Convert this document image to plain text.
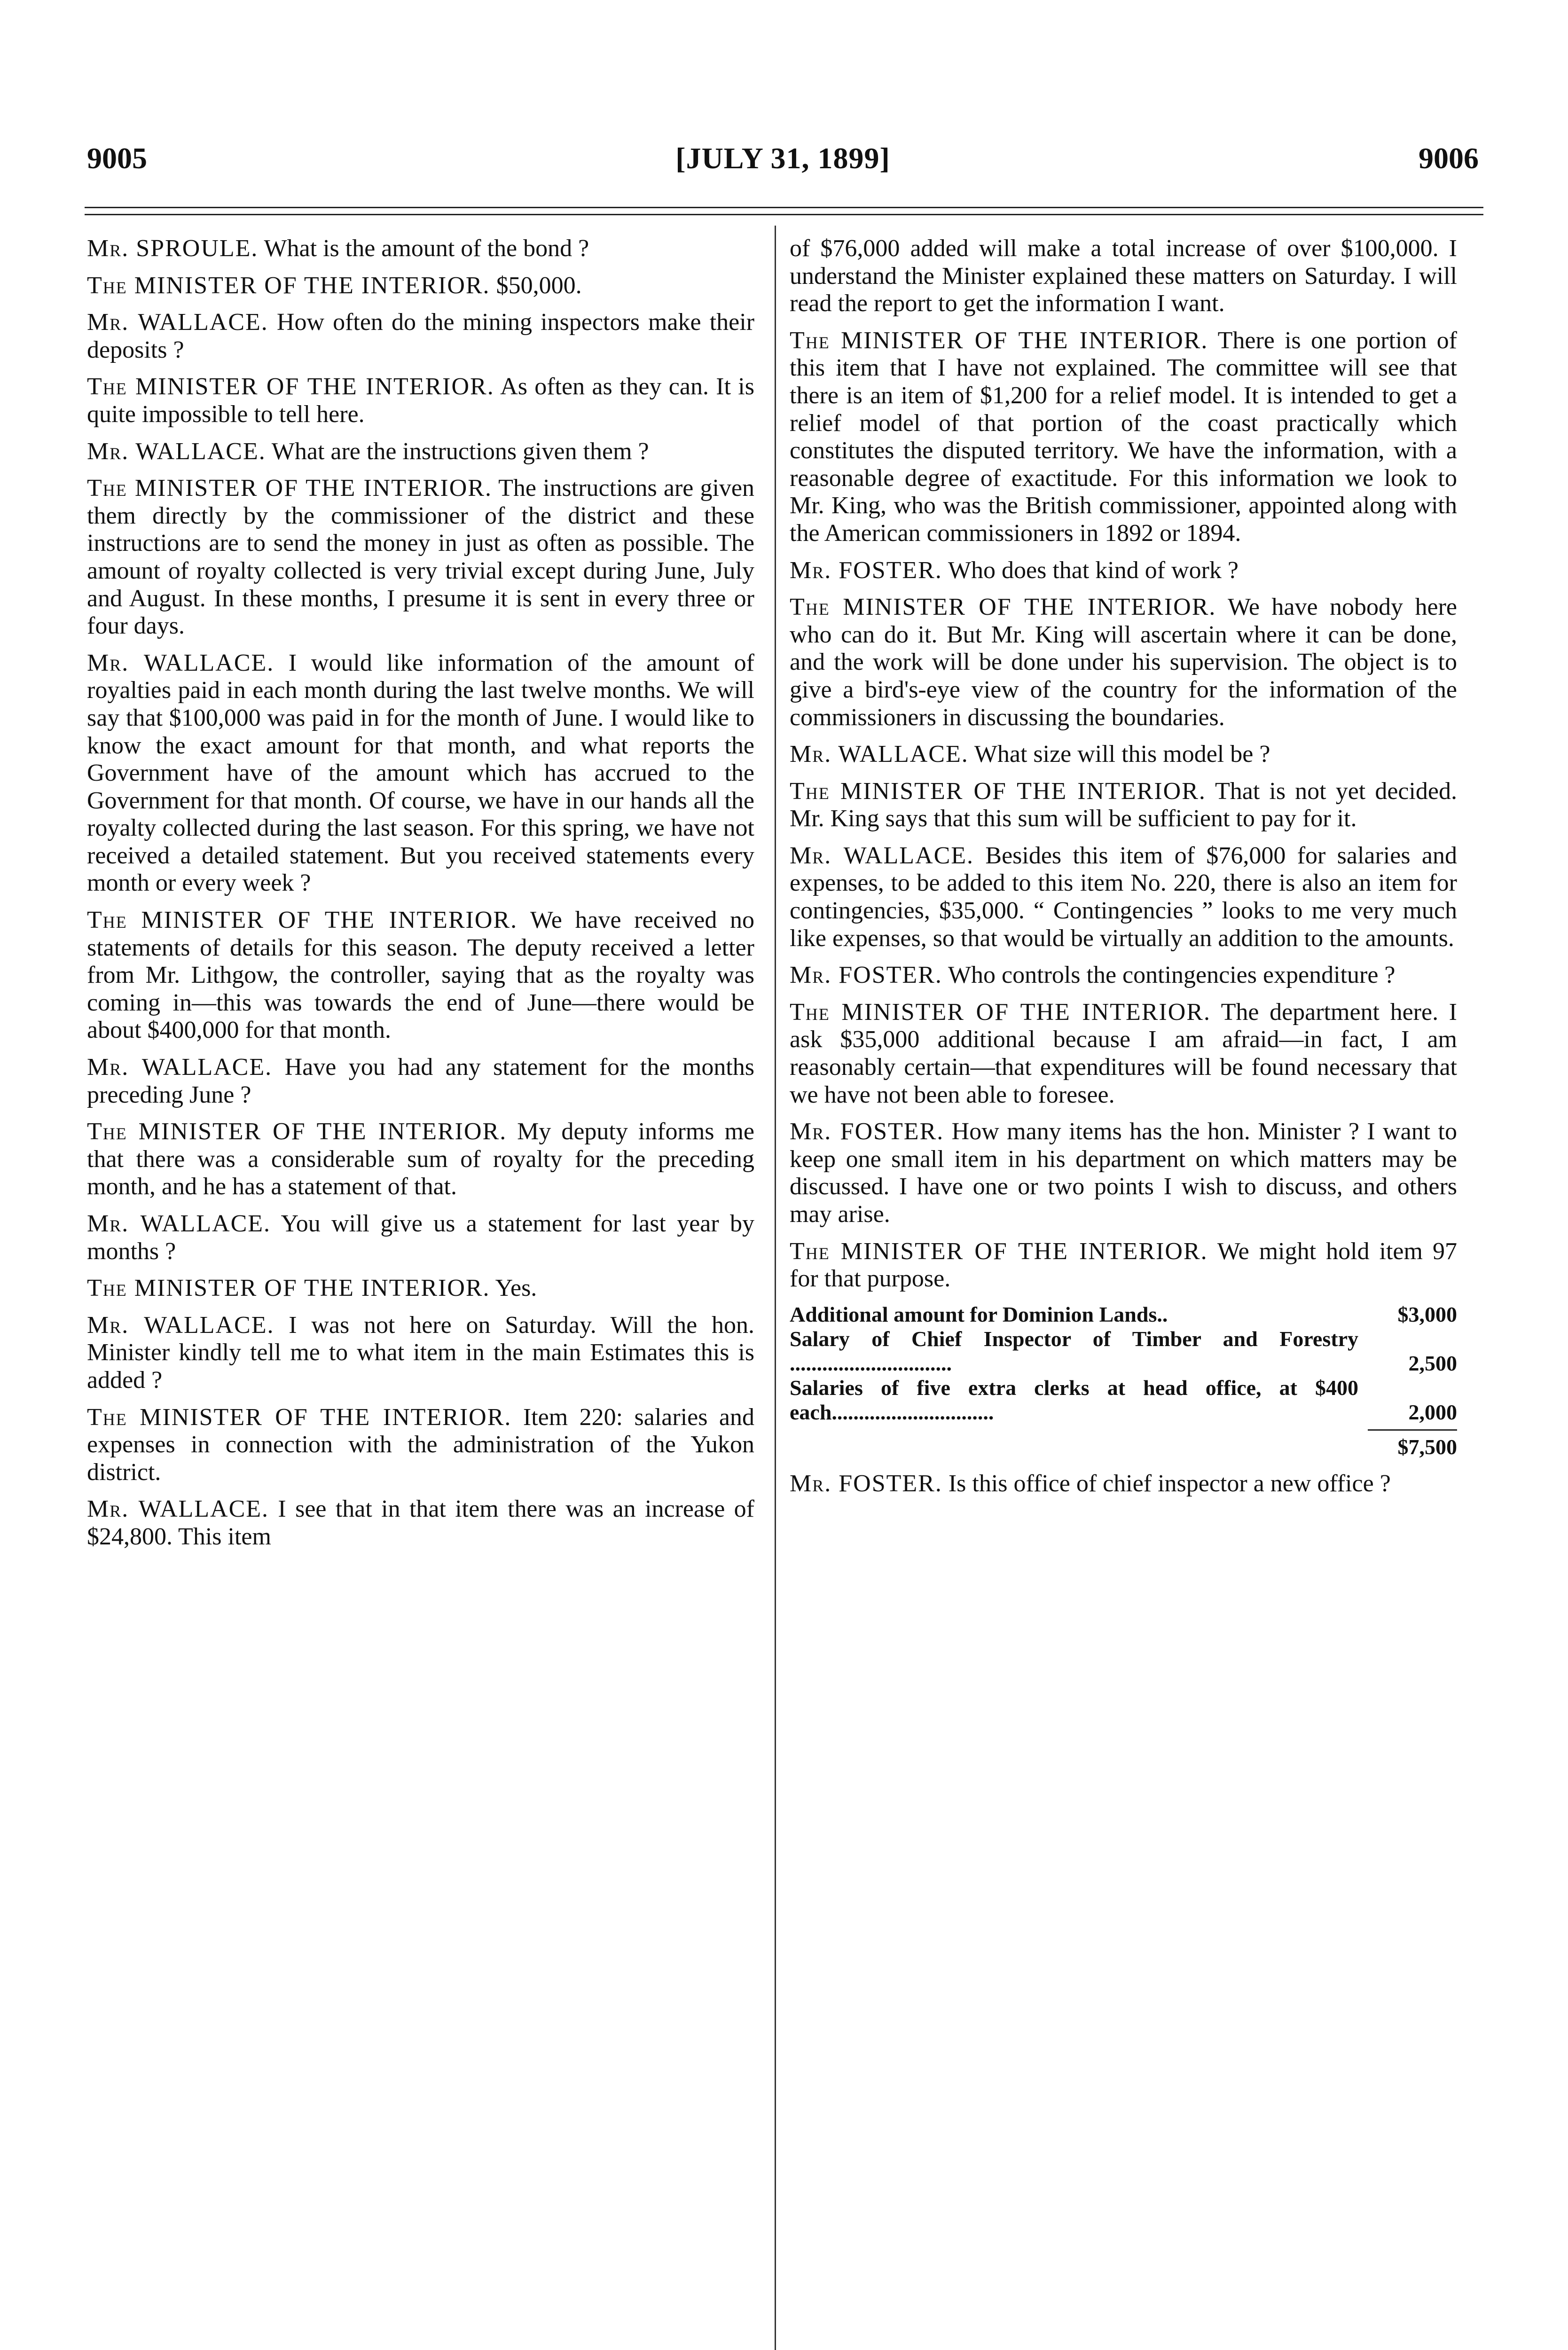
9005	[JULY 31, 1899]	9006

Mr. SPROULE. What is the amount of the bond ?

The MINISTER OF THE INTERIOR. $50,000.

Mr. WALLACE. How often do the mining inspectors make their deposits ?

The MINISTER OF THE INTERIOR. As often as they can. It is quite impossible to tell here.

Mr. WALLACE. What are the instructions given them ?

The MINISTER OF THE INTERIOR. The instructions are given them directly by the commissioner of the district and these instructions are to send the money in just as often as possible. The amount of royalty collected is very trivial except during June, July and August. In these months, I presume it is sent in every three or four days.

Mr. WALLACE. I would like information of the amount of royalties paid in each month during the last twelve months. We will say that $100,000 was paid in for the month of June. I would like to know the exact amount for that month, and what reports the Government have of the amount which has accrued to the Government for that month. Of course, we have in our hands all the royalty collected during the last season. For this spring, we have not received a detailed statement. But you received statements every month or every week ?

The MINISTER OF THE INTERIOR. We have received no statements of details for this season. The deputy received a letter from Mr. Lithgow, the controller, saying that as the royalty was coming in—this was towards the end of June—there would be about $400,000 for that month.

Mr. WALLACE. Have you had any statement for the months preceding June ?

The MINISTER OF THE INTERIOR. My deputy informs me that there was a considerable sum of royalty for the preceding month, and he has a statement of that.

Mr. WALLACE. You will give us a statement for last year by months ?

The MINISTER OF THE INTERIOR. Yes.

Mr. WALLACE. I was not here on Saturday. Will the hon. Minister kindly tell me to what item in the main Estimates this is added ?

The MINISTER OF THE INTERIOR. Item 220: salaries and expenses in connection with the administration of the Yukon district.

Mr. WALLACE. I see that in that item there was an increase of $24,800. This item

of $76,000 added will make a total increase of over $100,000. I understand the Minister explained these matters on Saturday. I will read the report to get the information I want.

The MINISTER OF THE INTERIOR. There is one portion of this item that I have not explained. The committee will see that there is an item of $1,200 for a relief model. It is intended to get a relief model of that portion of the coast practically which constitutes the disputed territory. We have the information, with a reasonable degree of exactitude. For this information we look to Mr. King, who was the British commissioner, appointed along with the American commissioners in 1892 or 1894.

Mr. FOSTER. Who does that kind of work ?

The MINISTER OF THE INTERIOR. We have nobody here who can do it. But Mr. King will ascertain where it can be done, and the work will be done under his supervision. The object is to give a bird's-eye view of the country for the information of the commissioners in discussing the boundaries.

Mr. WALLACE. What size will this model be ?

The MINISTER OF THE INTERIOR. That is not yet decided. Mr. King says that this sum will be sufficient to pay for it.

Mr. WALLACE. Besides this item of $76,000 for salaries and expenses, to be added to this item No. 220, there is also an item for contingencies, $35,000. “ Contingencies ” looks to me very much like expenses, so that would be virtually an addition to the amounts.

Mr. FOSTER. Who controls the contingencies expenditure ?

The MINISTER OF THE INTERIOR. The department here. I ask $35,000 additional because I am afraid—in fact, I am reasonably certain—that expenditures will be found necessary that we have not been able to foresee.

Mr. FOSTER. How many items has the hon. Minister ? I want to keep one small item in his department on which matters may be discussed. I have one or two points I wish to discuss, and others may arise.

The MINISTER OF THE INTERIOR. We might hold item 97 for that purpose.

Additional amount for Dominion Lands..	$3,000
Salary of Chief Inspector of Timber and Forestry ..............................	2,500
Salaries of five extra clerks at head office, at $400 each..............................	2,000
$7,500

Mr. FOSTER. Is this office of chief inspector a new office ?
